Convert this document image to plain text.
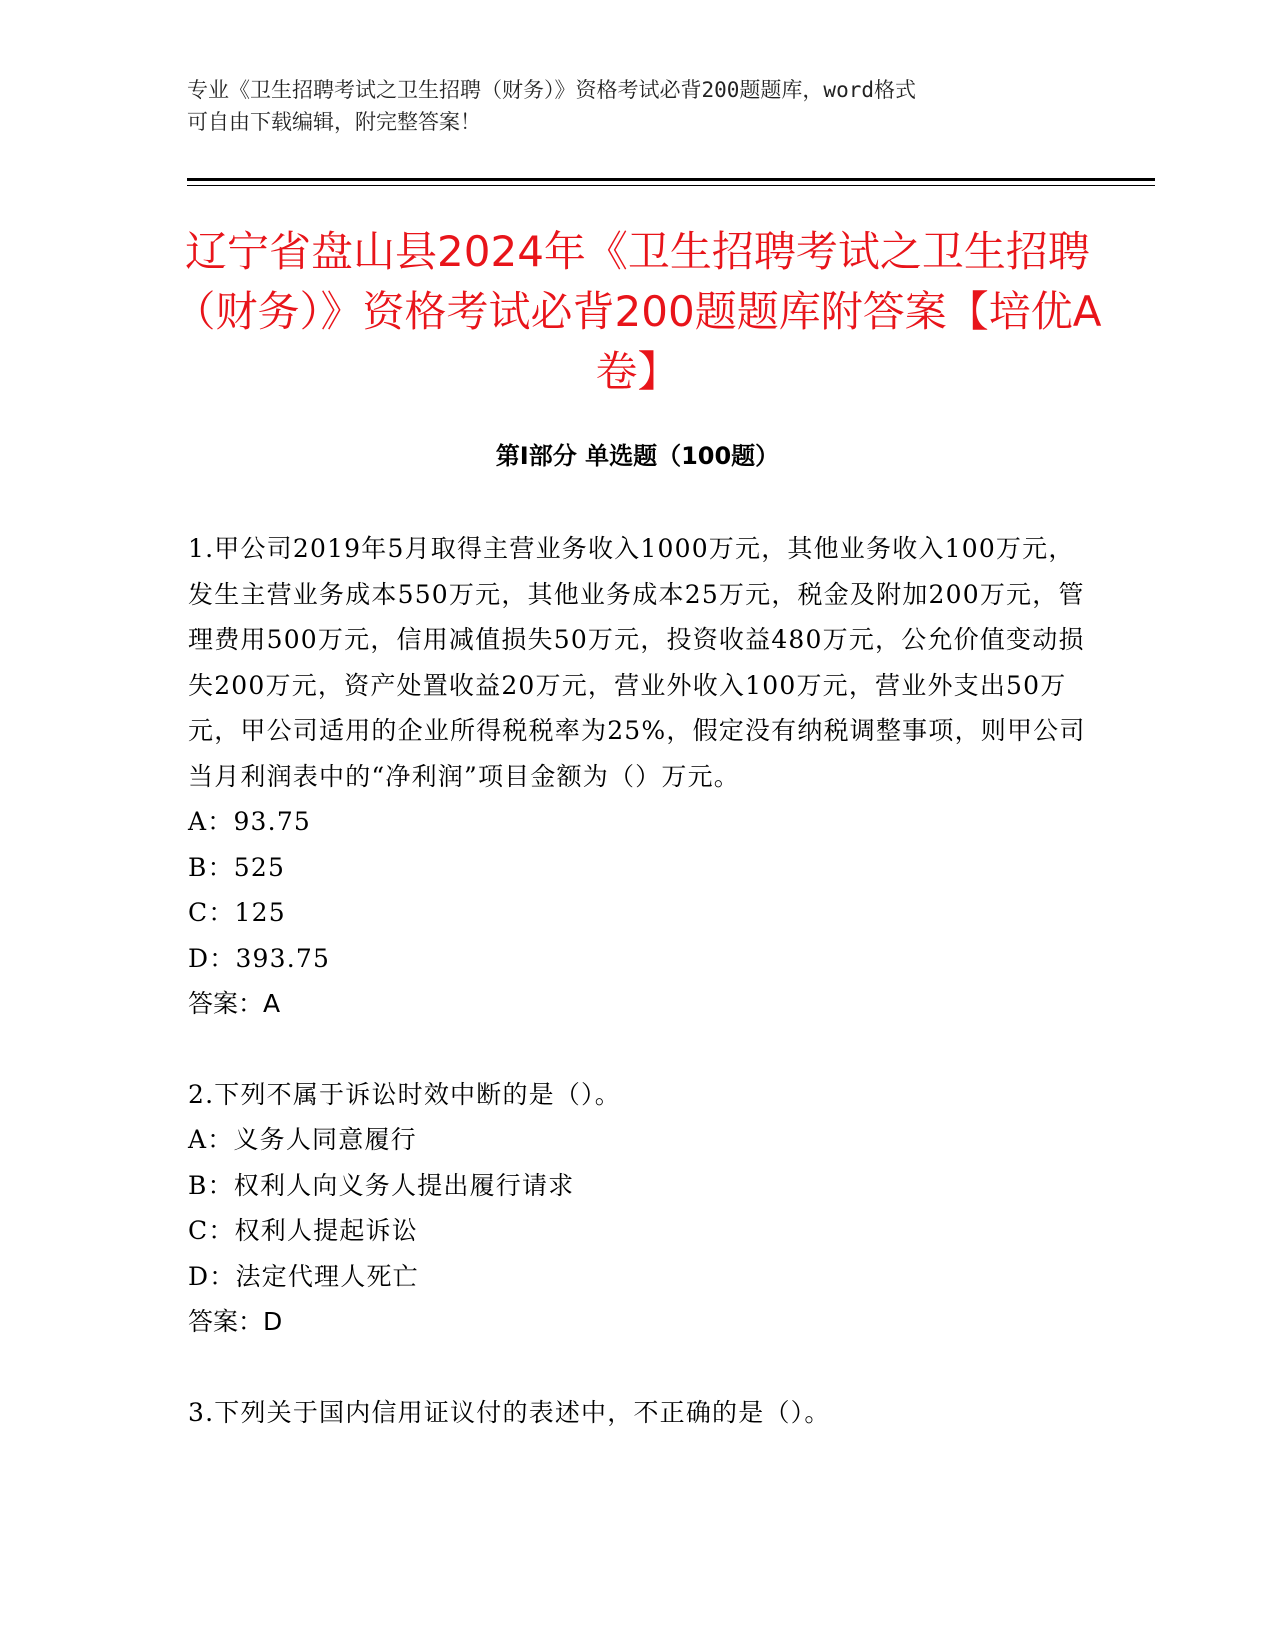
专业《卫生招聘考试之卫生招聘（财务）》资格考试必背200题题库，word格式
可自由下载编辑，附完整答案！
辽宁省盘山县2024年《卫生招聘考试之卫生招聘（财务）》资格考试必背200题题库附答案【培优A卷】
第Ⅰ部分 单选题（100题）

1.甲公司2019年5月取得主营业务收入1000万元，其他业务收入100万元，发生主营业务成本550万元，其他业务成本25万元，税金及附加200万元，管理费用500万元，信用减值损失50万元，投资收益480万元，公允价值变动损失200万元，资产处置收益20万元，营业外收入100万元，营业外支出50万元，甲公司适用的企业所得税税率为25%，假定没有纳税调整事项，则甲公司当月利润表中的“净利润”项目金额为（）万元。

A：93.75

B：525

C：125

D：393.75

答案：A

2.下列不属于诉讼时效中断的是（）。

A：义务人同意履行

B：权利人向义务人提出履行请求

C：权利人提起诉讼

D：法定代理人死亡

答案：D

3.下列关于国内信用证议付的表述中，不正确的是（）。
